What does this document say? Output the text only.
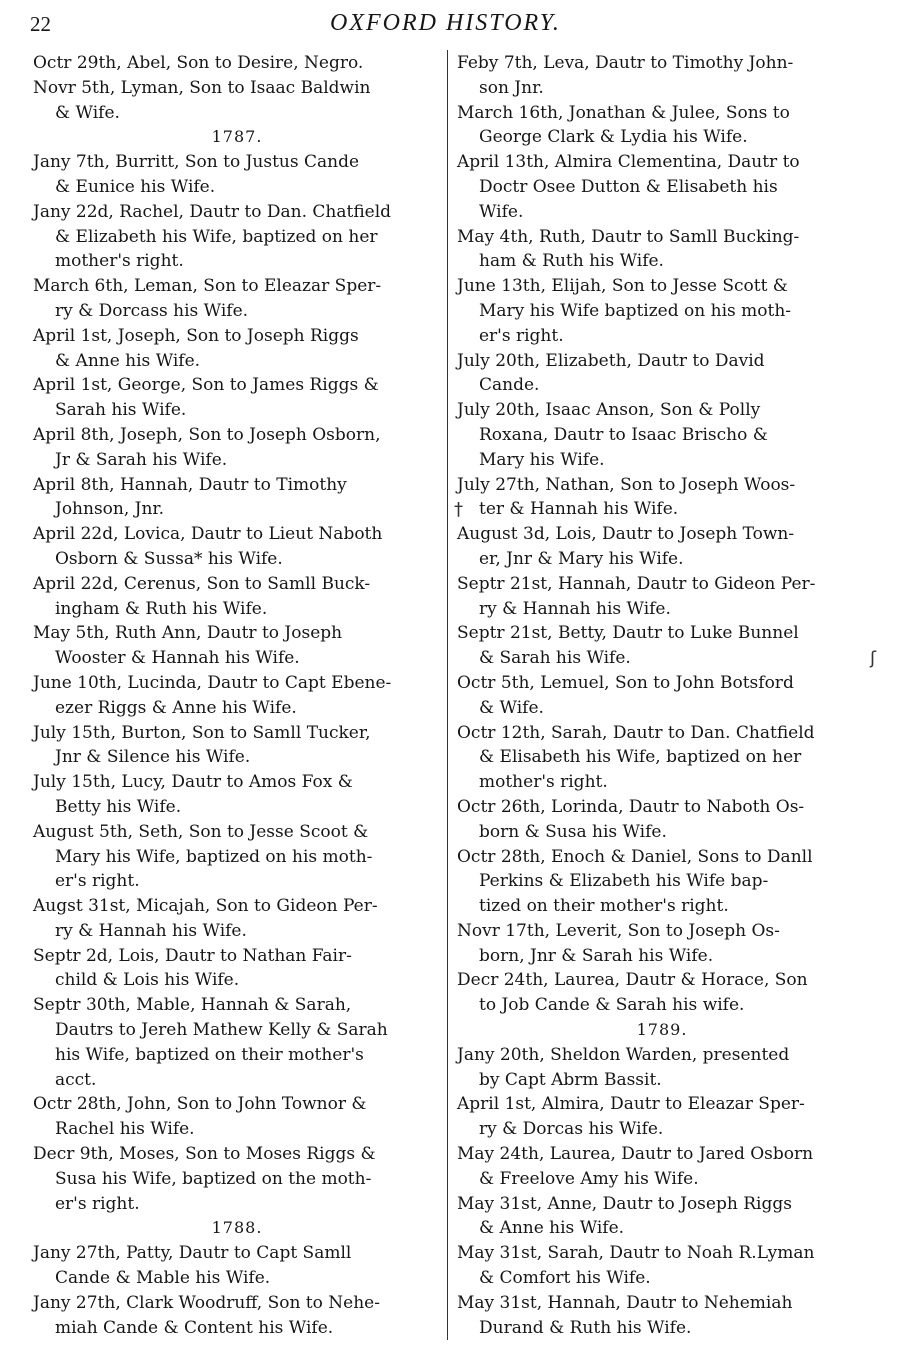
22	OXFORD HISTORY.

Octr 29th, Abel, Son to Desire, Negro.

Novr 5th, Lyman, Son to Isaac Baldwin
& Wife.

1787.

Jany 7th, Burritt, Son to Justus Cande
& Eunice his Wife.

Jany 22d, Rachel, Dautr to Dan. Chatfield
& Elizabeth his Wife, baptized on her
mother's right.

March 6th, Leman, Son to Eleazar Sper-
ry & Dorcass his Wife.

April 1st, Joseph, Son to Joseph Riggs
& Anne his Wife.

April 1st, George, Son to James Riggs &
Sarah his Wife.

April 8th, Joseph, Son to Joseph Osborn,
Jr & Sarah his Wife.

April 8th, Hannah, Dautr to Timothy
Johnson, Jnr.

April 22d, Lovica, Dautr to Lieut Naboth
Osborn & Sussa* his Wife.

April 22d, Cerenus, Son to Samll Buck-
ingham & Ruth his Wife.

May 5th, Ruth Ann, Dautr to Joseph
Wooster & Hannah his Wife.

June 10th, Lucinda, Dautr to Capt Ebene-
ezer Riggs & Anne his Wife.

July 15th, Burton, Son to Samll Tucker,
Jnr & Silence his Wife.

July 15th, Lucy, Dautr to Amos Fox &
Betty his Wife.

August 5th, Seth, Son to Jesse Scoot &
Mary his Wife, baptized on his moth-
er's right.

Augst 31st, Micajah, Son to Gideon Per-
ry & Hannah his Wife.

Septr 2d, Lois, Dautr to Nathan Fair-
child & Lois his Wife.

Septr 30th, Mable, Hannah & Sarah,
Dautrs to Jereh Mathew Kelly & Sarah
his Wife, baptized on their mother's
acct.

Octr 28th, John, Son to John Townor &
Rachel his Wife.

Decr 9th, Moses, Son to Moses Riggs &
Susa his Wife, baptized on the moth-
er's right.

1788.

Jany 27th, Patty, Dautr to Capt Samll
Cande & Mable his Wife.

Jany 27th, Clark Woodruff, Son to Nehe-
miah Cande & Content his Wife.

Feby 7th, Leva, Dautr to Timothy John-
son Jnr.

March 16th, Jonathan & Julee, Sons to
George Clark & Lydia his Wife.

April 13th, Almira Clementina, Dautr to
Doctr Osee Dutton & Elisabeth his
Wife.

May 4th, Ruth, Dautr to Samll Bucking-
ham & Ruth his Wife.

June 13th, Elijah, Son to Jesse Scott &
Mary his Wife baptized on his moth-
er's right.

July 20th, Elizabeth, Dautr to David
Cande.

July 20th, Isaac Anson, Son & Polly
Roxana, Dautr to Isaac Brischo &
Mary his Wife.

July 27th, Nathan, Son to Joseph Woos-
ter & Hannah his Wife.

August 3d, Lois, Dautr to Joseph Town-
er, Jnr & Mary his Wife.

Septr 21st, Hannah, Dautr to Gideon Per-
ry & Hannah his Wife.

Septr 21st, Betty, Dautr to Luke Bunnel
& Sarah his Wife.

Octr 5th, Lemuel, Son to John Botsford
& Wife.

Octr 12th, Sarah, Dautr to Dan. Chatfield
& Elisabeth his Wife, baptized on her
mother's right.

Octr 26th, Lorinda, Dautr to Naboth Os-
born & Susa his Wife.

Octr 28th, Enoch & Daniel, Sons to Danll
Perkins & Elizabeth his Wife bap-
tized on their mother's right.

Novr 17th, Leverit, Son to Joseph Os-
born, Jnr & Sarah his Wife.

Decr 24th, Laurea, Dautr & Horace, Son
to Job Cande & Sarah his wife.

1789.

Jany 20th, Sheldon Warden, presented
by Capt Abrm Bassit.

April 1st, Almira, Dautr to Eleazar Sper-
ry & Dorcas his Wife.

May 24th, Laurea, Dautr to Jared Osborn
& Freelove Amy his Wife.

May 31st, Anne, Dautr to Joseph Riggs
& Anne his Wife.

May 31st, Sarah, Dautr to Noah R.Lyman
& Comfort his Wife.

May 31st, Hannah, Dautr to Nehemiah
Durand & Ruth his Wife.

†
ʃ
